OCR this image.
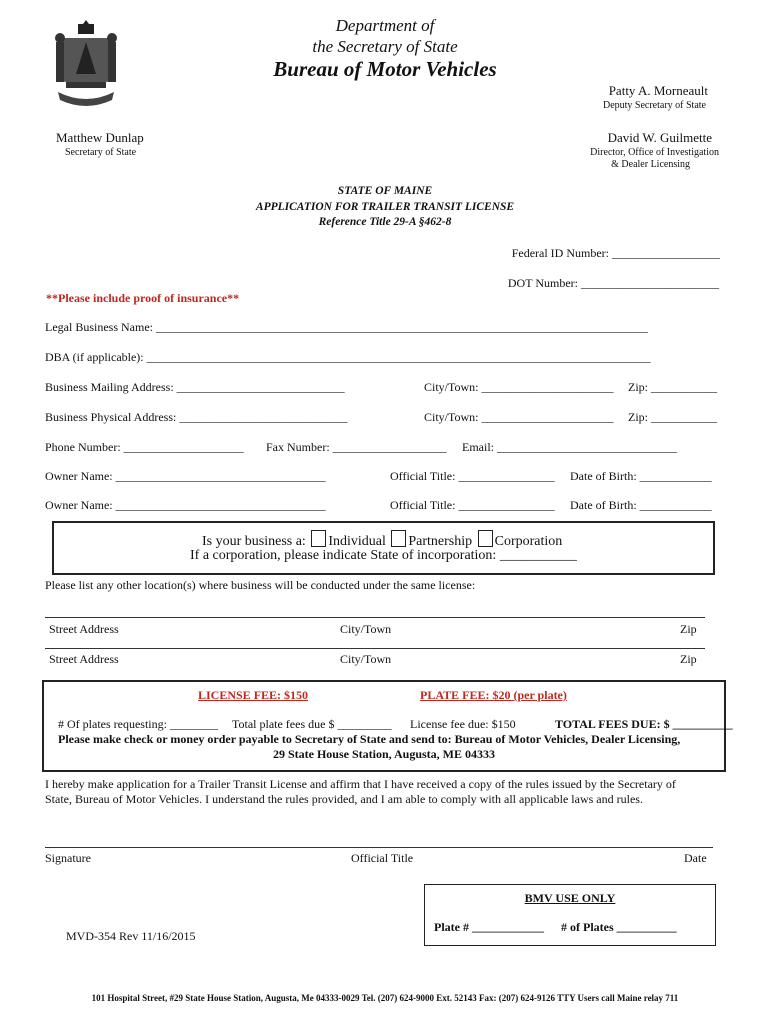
Department of
the Secretary of State
Bureau of Motor Vehicles
Patty A. Morneault
Deputy Secretary of State
Matthew Dunlap
Secretary of State
David W. Guilmette
Director, Office of Investigation
& Dealer Licensing
STATE OF MAINE
APPLICATION FOR TRAILER TRANSIT LICENSE
Reference Title 29-A §462-8
Federal ID Number: __________________
DOT Number: _______________________
**Please include proof of insurance**
Legal Business Name: __________________________________________________________________________________
DBA (if applicable): ____________________________________________________________________________________
Business Mailing Address: ____________________________	City/Town: ______________________ Zip: ___________
Business Physical Address: ____________________________	City/Town: ______________________ Zip: ___________
Phone Number: ____________________ Fax Number: ___________________ Email: ______________________________
Owner Name: ___________________________________	Official Title: ________________ Date of Birth: ____________
Owner Name: ___________________________________	Official Title: ________________ Date of Birth: ____________
Is your business a: Individual Partnership Corporation
If a corporation, please indicate State of incorporation: ___________
Please list any other location(s) where business will be conducted under the same license:
Street Address	City/Town	Zip
Street Address	City/Town	Zip
LICENSE FEE: $150	PLATE FEE: $20 (per plate)
# Of plates requesting: ________ Total plate fees due $ _________ License fee due: $150	TOTAL FEES DUE: $ __________
Please make check or money order payable to Secretary of State and send to: Bureau of Motor Vehicles, Dealer Licensing,
29 State House Station, Augusta, ME 04333
I hereby make application for a Trailer Transit License and affirm that I have received a copy of the rules issued by the Secretary of
State, Bureau of Motor Vehicles. I understand the rules provided, and I am able to comply with all applicable laws and rules.
Signature	Official Title	Date
BMV USE ONLY
Plate # ____________ # of Plates __________
MVD-354 Rev 11/16/2015
101 Hospital Street, #29 State House Station, Augusta, Me 04333-0029 Tel. (207) 624-9000 Ext. 52143 Fax: (207) 624-9126 TTY Users call Maine relay 711
